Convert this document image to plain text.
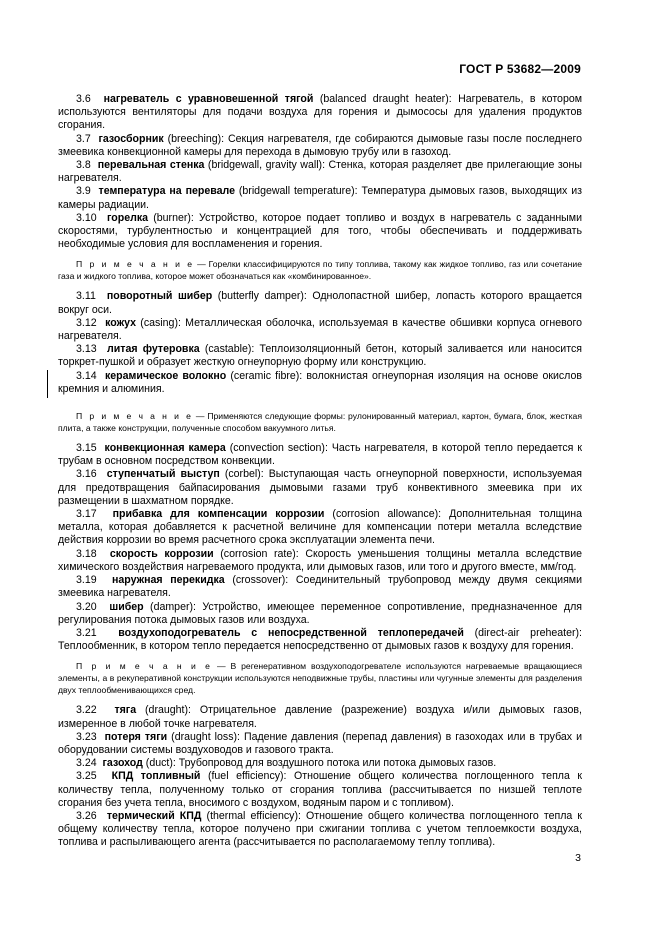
ГОСТ Р 53682—2009

3.6 нагреватель с уравновешенной тягой (balanced draught heater): Нагреватель, в котором используются вентиляторы для подачи воздуха для горения и дымососы для удаления продуктов сгорания.

3.7 газосборник (breeching): Секция нагревателя, где собираются дымовые газы после последнего змеевика конвекционной камеры для перехода в дымовую трубу или в газоход.

3.8 перевальная стенка (bridgewall, gravity wall): Стенка, которая разделяет две прилегающие зоны нагревателя.

3.9 температура на перевале (bridgewall temperature): Температура дымовых газов, выходящих из камеры радиации.

3.10 горелка (burner): Устройство, которое подает топливо и воздух в нагреватель с заданными скоростями, турбулентностью и концентрацией для того, чтобы обеспечивать и поддерживать необходимые условия для воспламенения и горения.

П р и м е ч а н и е — Горелки классифицируются по типу топлива, такому как жидкое топливо, газ или сочетание газа и жидкого топлива, которое может обозначаться как «комбинированное».

3.11 поворотный шибер (butterfly damper): Однолопастной шибер, лопасть которого вращается вокруг оси.

3.12 кожух (casing): Металлическая оболочка, используемая в качестве обшивки корпуса огневого нагревателя.

3.13 литая футеровка (castable): Теплоизоляционный бетон, который заливается или наносится торкрет-пушкой и образует жесткую огнеупорную форму или конструкцию.

3.14 керамическое волокно (ceramic fibre): волокнистая огнеупорная изоляция на основе окислов кремния и алюминия.

П р и м е ч а н и е — Применяются следующие формы: рулонированный материал, картон, бумага, блок, жесткая плита, а также конструкции, полученные способом вакуумного литья.

3.15 конвекционная камера (convection section): Часть нагревателя, в которой тепло передается к трубам в основном посредством конвекции.

3.16 ступенчатый выступ (corbel): Выступающая часть огнеупорной поверхности, используемая для предотвращения байпасирования дымовыми газами труб конвективного змеевика при их размещении в шахматном порядке.

3.17 прибавка для компенсации коррозии (corrosion allowance): Дополнительная толщина металла, которая добавляется к расчетной величине для компенсации потери металла вследствие действия коррозии во время расчетного срока эксплуатации элемента печи.

3.18 скорость коррозии (corrosion rate): Скорость уменьшения толщины металла вследствие химического воздействия нагреваемого продукта, или дымовых газов, или того и другого вместе, мм/год.

3.19 наружная перекидка (crossover): Соединительный трубопровод между двумя секциями змеевика нагревателя.

3.20 шибер (damper): Устройство, имеющее переменное сопротивление, предназначенное для регулирования потока дымовых газов или воздуха.

3.21 воздухоподогреватель с непосредственной теплопередачей (direct-air preheater): Теплообменник, в котором тепло передается непосредственно от дымовых газов к воздуху для горения.

П р и м е ч а н и е — В регенеративном воздухоподогревателе используются нагреваемые вращающиеся элементы, а в рекуперативной конструкции используются неподвижные трубы, пластины или чугунные элементы для разделения двух теплообменивающихся сред.

3.22 тяга (draught): Отрицательное давление (разрежение) воздуха и/или дымовых газов, измеренное в любой точке нагревателя.

3.23 потеря тяги (draught loss): Падение давления (перепад давления) в газоходах или в трубах и оборудовании системы воздуховодов и газового тракта.

3.24 газоход (duct): Трубопровод для воздушного потока или потока дымовых газов.

3.25 КПД топливный (fuel efficiency): Отношение общего количества поглощенного тепла к количеству тепла, полученному только от сгорания топлива (рассчитывается по низшей теплоте сгорания без учета тепла, вносимого с воздухом, водяным паром и с топливом).

3.26 термический КПД (thermal efficiency): Отношение общего количества поглощенного тепла к общему количеству тепла, которое получено при сжигании топлива с учетом теплоемкости воздуха, топлива и распыливающего агента (рассчитывается по располагаемому теплу топлива).

3
